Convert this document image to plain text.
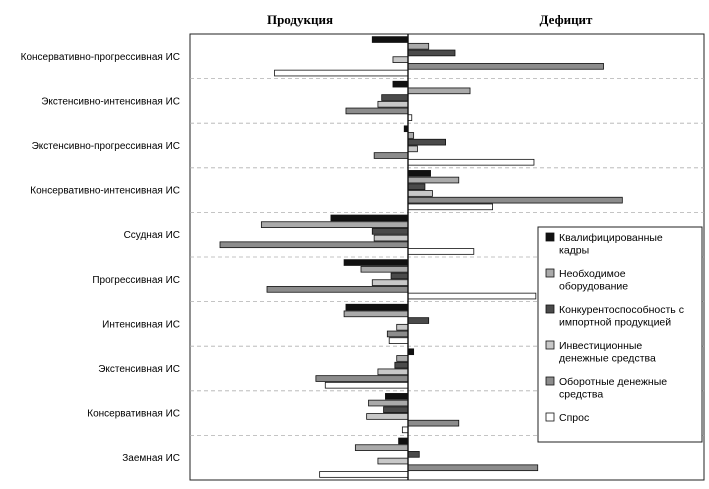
Продукция	Дефицит
Консервативно-прогрессивная ИС
Экстенсивно-интенсивная ИС
Экстенсивно-прогрессивная ИС
Консервативно-интенсивная ИС
Ссудная ИС
Прогрессивная ИС
Интенсивная ИС
Экстенсивная ИС
Консервативная ИС
Заемная ИС
Квалифицированные кадры
Необходимое оборудование
Конкурентоспособность с импортной продукцией
Инвестиционные денежные средства
Оборотные денежные средства
Спрос
